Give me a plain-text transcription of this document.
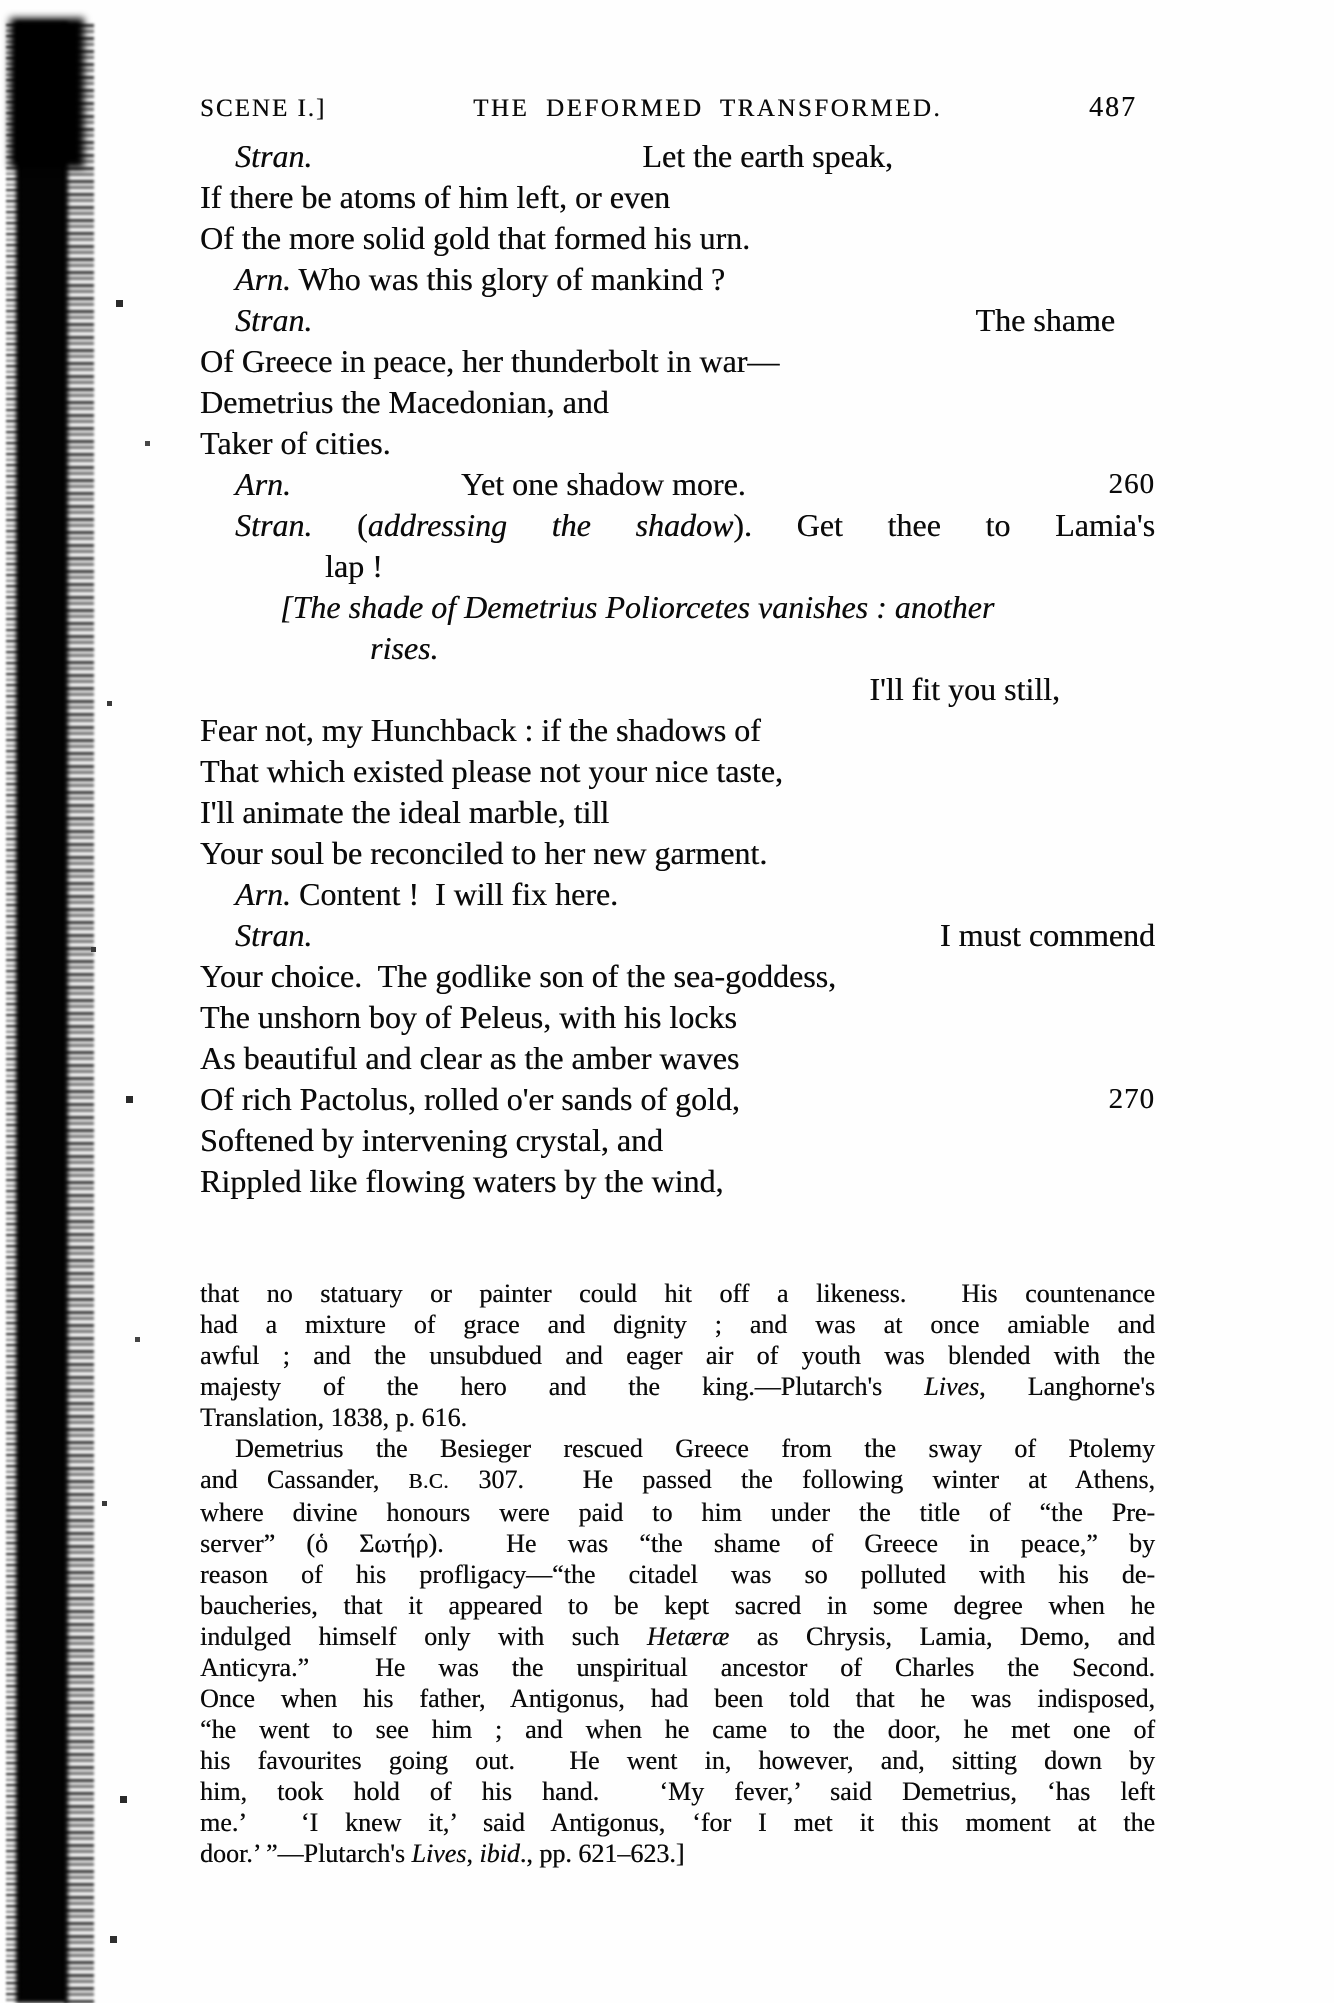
SCENE I.]	THE DEFORMED TRANSFORMED.	487
Stran.	Let the earth speak,
If there be atoms of him left, or even
Of the more solid gold that formed his urn.
Arn. Who was this glory of mankind ?
The shame
Stran.
Of Greece in peace, her thunderbolt in war—
Demetrius the Macedonian, and
Taker of cities.
260
Arn.	Yet one shadow more.
Stran. (addressing the shadow). Get thee to Lamia's
lap !
[The shade of Demetrius Poliorcetes vanishes : another
rises.
I'll fit you still,
Fear not, my Hunchback : if the shadows of
That which existed please not your nice taste,
I'll animate the ideal marble, till
Your soul be reconciled to her new garment.
Arn. Content !  I will fix here.
I must commend
Stran.
Your choice.  The godlike son of the sea-goddess,
The unshorn boy of Peleus, with his locks
As beautiful and clear as the amber waves
270
Of rich Pactolus, rolled o'er sands of gold,
Softened by intervening crystal, and
Rippled like flowing waters by the wind,
that no statuary or painter could hit off a likeness.  His countenance
had a mixture of grace and dignity ; and was at once amiable and
awful ; and the unsubdued and eager air of youth was blended with the
majesty of the hero and the king.—Plutarch's Lives, Langhorne's
Translation, 1838, p. 616.
Demetrius the Besieger rescued Greece from the sway of Ptolemy
and Cassander, B.C. 307.  He passed the following winter at Athens,
where divine honours were paid to him under the title of “the Pre-
server” (ὁ Σωτήρ).  He was “the shame of Greece in peace,” by
reason of his profligacy—“the citadel was so polluted with his de-
baucheries, that it appeared to be kept sacred in some degree when he
indulged himself only with such Hetæræ as Chrysis, Lamia, Demo, and
Anticyra.”  He was the unspiritual ancestor of Charles the Second.
Once when his father, Antigonus, had been told that he was indisposed,
“he went to see him ; and when he came to the door, he met one of
his favourites going out.  He went in, however, and, sitting down by
him, took hold of his hand.  ‘My fever,’ said Demetrius, ‘has left
me.’  ‘I knew it,’ said Antigonus, ‘for I met it this moment at the
door.’ ”—Plutarch's Lives, ibid., pp. 621–623.]
